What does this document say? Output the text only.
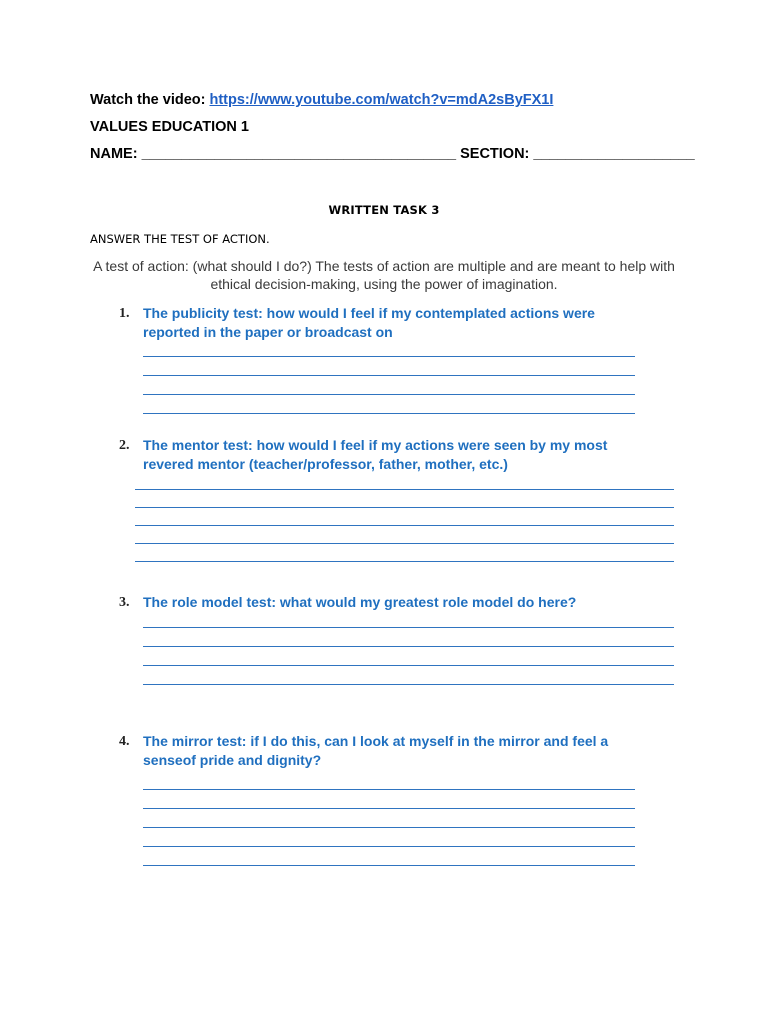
Watch the video: https://www.youtube.com/watch?v=mdA2sByFX1I
VALUES EDUCATION 1
NAME: _______________________________________ SECTION: ____________________
WRITTEN TASK 3
ANSWER THE TEST OF ACTION.
A test of action: (what should I do?) The tests of action are multiple and are meant to help with
ethical decision-making, using the power of imagination.
1. The publicity test: how would I feel if my contemplated actions were
reported in the paper or broadcast on
2. The mentor test: how would I feel if my actions were seen by my most
revered mentor (teacher/professor, father, mother, etc.)
3. The role model test: what would my greatest role model do here?
4. The mirror test: if I do this, can I look at myself in the mirror and feel a
senseof pride and dignity?
